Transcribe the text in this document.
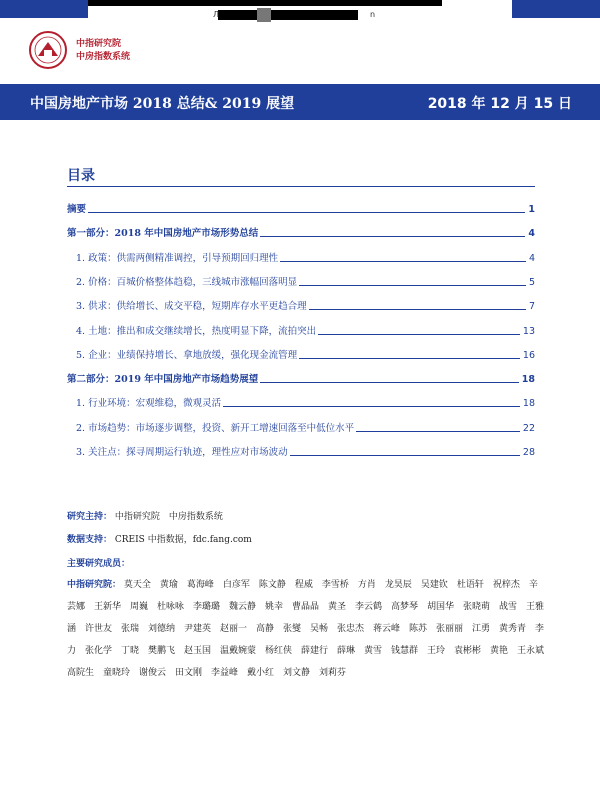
Л	n
中指研究院
中房指数系统
中国房地产市场 2018 总结& 2019 展望	2018 年 12 月 15 日
目录
摘要	1
第一部分：2018 年中国房地产市场形势总结	4
1. 政策：供需两侧精准调控，引导预期回归理性	4
2. 价格：百城价格整体趋稳，三线城市涨幅回落明显	5
3. 供求：供给增长、成交平稳，短期库存水平更趋合理	7
4. 土地：推出和成交继续增长，热度明显下降，流拍突出	13
5. 企业：业绩保持增长、拿地放缓，强化现金流管理	16
第二部分：2019 年中国房地产市场趋势展望	18
1. 行业环境：宏观维稳，微观灵活	18
2. 市场趋势：市场逐步调整，投资、新开工增速回落至中低位水平	22
3. 关注点：探寻周期运行轨迹，理性应对市场波动	28
研究主持： 中指研究院　中房指数系统
数据支持： CREIS 中指数据，fdc.fang.com
主要研究成员：
中指研究院： 莫天全　黄瑜　葛海峰　白彦军　陈文静　程威　李雪桥　方肖　龙昊辰　吴建钦　杜语轩　祝梓杰　辛芸娜　王新华　周巍　杜咏咏　李璐璐　魏云静　姚幸　曹晶晶　黄圣　李云鹤　高梦琴　胡国华　张晓萌　战雪　王雅涵　许世友　张瑞　刘德纳　尹建英　赵丽一　高静　张燮　吴畅　张忠杰　蒋云峰　陈苏　张丽丽　江勇　黄秀青　李力　张化学　丁晓　樊鹏飞　赵玉国　温戴婉蒙　杨红侠　薛建行　薛琳　黄雪　钱慧群　王玲　袁彬彬　黄艳　王永斌　高院生　童晓玲　谢俊云　田文刚　李益峰　戴小红　刘文静　刘莉芬
